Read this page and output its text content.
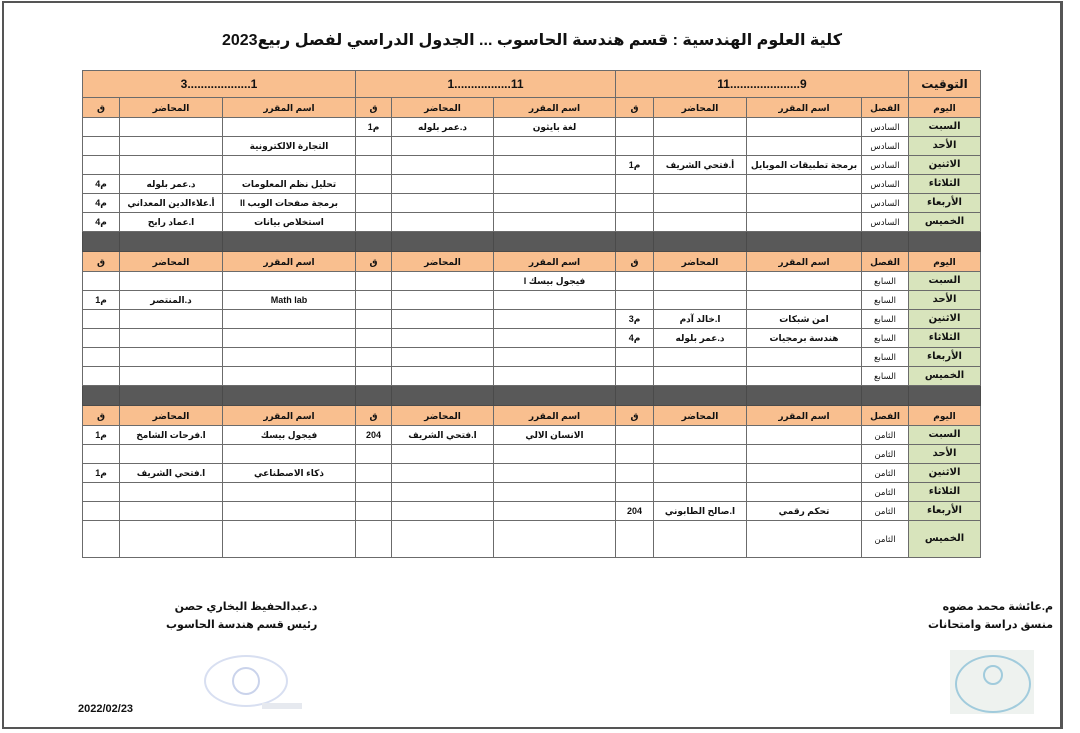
كلية العلوم الهندسية : قسم هندسة الحاسوب ... الجدول الدراسي لفصل ربيع2023
التوقيت	9.....................11				11.................1			1...................3		
اليوم	الفصل	اسم المقرر	المحاضر	ق	اسم المقرر	المحاضر	ق	اسم المقرر	المحاضر	ق
السبت	السادس				لغة بايثون	د.عمر بلوله	م1			
الأحد	السادس							التجارة الالكترونية		
الاثنين	السادس	برمجة تطبيقات الموبايل	أ.فتحي الشريف	م1						
الثلاثاء	السادس							تحليل نظم المعلومات	د.عمر بلوله	م4
الأربعاء	السادس							برمجة صفحات الويب II	أ.علاءالدين المعداني	م4
الخميس	السادس							استخلاص بيانات	ا.عماد رابح	م4

اليوم	الفصل	اسم المقرر	المحاضر	ق	اسم المقرر	المحاضر	ق	اسم المقرر	المحاضر	ق
السبت	السابع				فيجول بيسك I					
الأحد	السابع							Math lab	د.المنتصر	م1
الاثنين	السابع	امن شبكات	ا.خالد آدم	م3						
الثلاثاء	السابع	هندسة برمجيات	د.عمر بلوله	م4						
الأربعاء	السابع									
الخميس	السابع									

اليوم	الفصل	اسم المقرر	المحاضر	ق	اسم المقرر	المحاضر	ق	اسم المقرر	المحاضر	ق
السبت	الثامن				الانسان الالي	ا.فتحي الشريف	204	فيجول بيسك	ا.فرحات الشامخ	م1
الأحد	الثامن									
الاثنين	الثامن							ذكاء الاصطناعي	ا.فتحي الشريف	م1
الثلاثاء	الثامن									
الأربعاء	الثامن	تحكم رقمي	ا.صالح الطابوني	204						
الخميس	الثامن									
م.عائشة محمد مضوه
منسق دراسة وامتحانات
د.عبدالحفيظ البخاري حصن
رئيس قسم هندسة الحاسوب
2022/02/23
